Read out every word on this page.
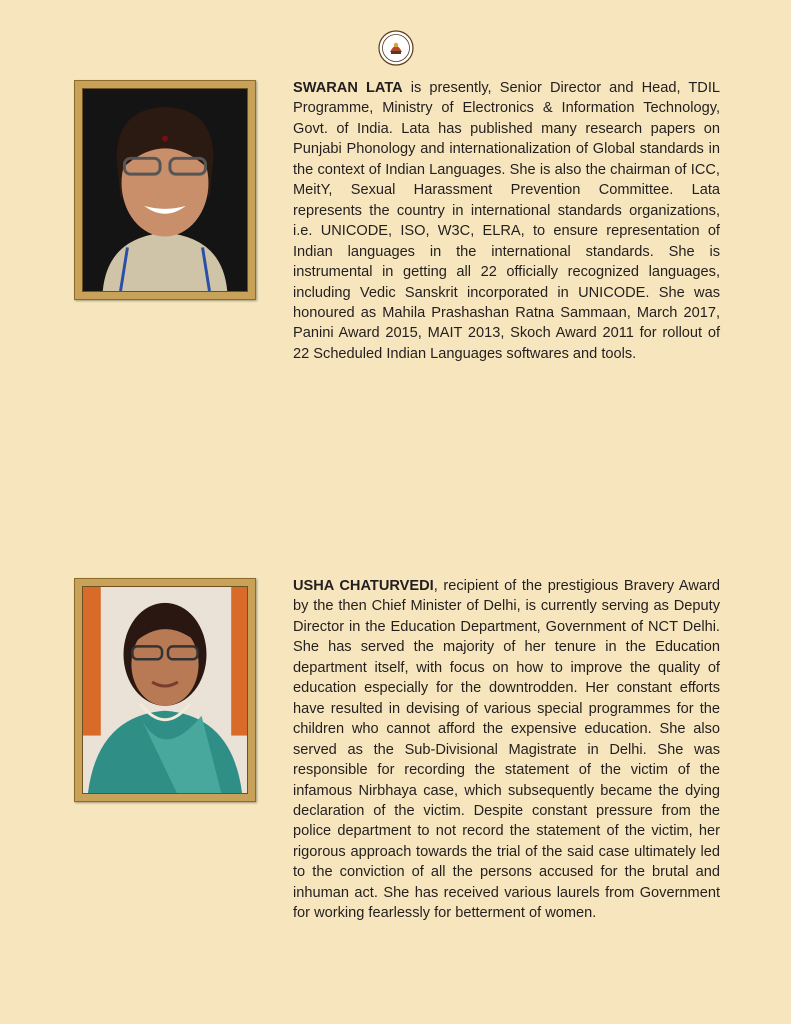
SWARAN LATA is presently, Senior Director and Head, TDIL Programme, Ministry of Electronics & Information Technology, Govt. of India. Lata has published many research papers on Punjabi Phonology and internationalization of Global standards in the context of Indian Languages. She is also the chairman of ICC, MeitY, Sexual Harassment Prevention Committee. Lata represents the country in international standards organizations, i.e. UNICODE, ISO, W3C, ELRA, to ensure representation of Indian languages in the international standards. She is instrumental in getting all 22 officially recognized languages, including Vedic Sanskrit incorporated in UNICODE. She was honoured as Mahila Prashashan Ratna Sammaan, March 2017, Panini Award 2015, MAIT 2013, Skoch Award 2011 for rollout of 22 Scheduled Indian Languages softwares and tools.

USHA CHATURVEDI, recipient of the prestigious Bravery Award by the then Chief Minister of Delhi, is currently serving as Deputy Director in the Education Department, Government of NCT Delhi. She has served the majority of her tenure in the Education department itself, with focus on how to improve the quality of education especially for the downtrodden. Her constant efforts have resulted in devising of various special programmes for the children who cannot afford the expensive education. She also served as the Sub-Divisional Magistrate in Delhi. She was responsible for recording the statement of the victim of the infamous Nirbhaya case, which subsequently became the dying declaration of the victim. Despite constant pressure from the police department to not record the statement of the victim, her rigorous approach towards the trial of the said case ultimately led to the conviction of all the persons accused for the brutal and inhuman act. She has received various laurels from Government for working fearlessly for betterment of women.
